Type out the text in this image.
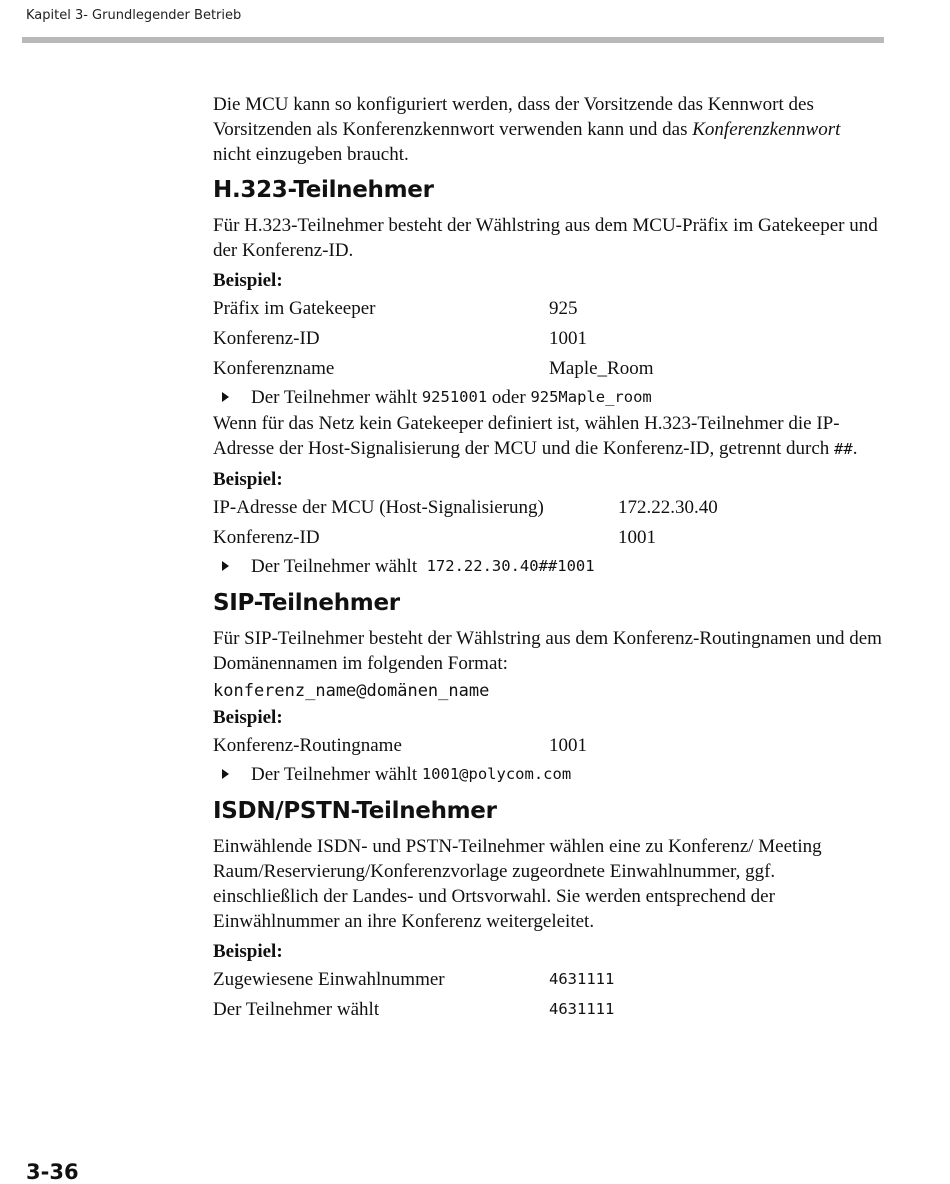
Kapitel 3- Grundlegender Betrieb

Die MCU kann so konfiguriert werden, dass der Vorsitzende das Kennwort des Vorsitzenden als Konferenzkennwort verwenden kann und das Konferenzkennwort nicht einzugeben braucht.

H.323-Teilnehmer

Für H.323-Teilnehmer besteht der Wählstring aus dem MCU-Präfix im Gatekeeper und der Konferenz-ID.

Beispiel:
Präfix im Gatekeeper	925
Konferenz-ID	1001
Konferenzname	Maple_Room
Der Teilnehmer wählt
9251001
oder
925Maple_room

Wenn für das Netz kein Gatekeeper definiert ist, wählen H.323-Teilnehmer die IP-Adresse der Host-Signalisierung der MCU und die Konferenz-ID, getrennt durch ##.

Beispiel:
IP-Adresse der MCU (Host-Signalisierung)	172.22.30.40
Konferenz-ID	1001
Der Teilnehmer wählt
172.22.30.40##1001
SIP-Teilnehmer

Für SIP-Teilnehmer besteht der Wählstring aus dem Konferenz-Routingnamen und dem Domänennamen im folgenden Format:

konferenz_name@domänen_name
Beispiel:
Konferenz-Routingname	1001
Der Teilnehmer wählt
1001@polycom.com
ISDN/PSTN-Teilnehmer

Einwählende ISDN- und PSTN-Teilnehmer wählen eine zu Konferenz/ Meeting Raum/Reservierung/Konferenzvorlage zugeordnete Einwahlnummer, ggf. einschließlich der Landes- und Ortsvorwahl. Sie werden entsprechend der Einwählnummer an ihre Konferenz weitergeleitet.

Beispiel:
Zugewiesene Einwahlnummer	4631111
Der Teilnehmer wählt	4631111
3-36
